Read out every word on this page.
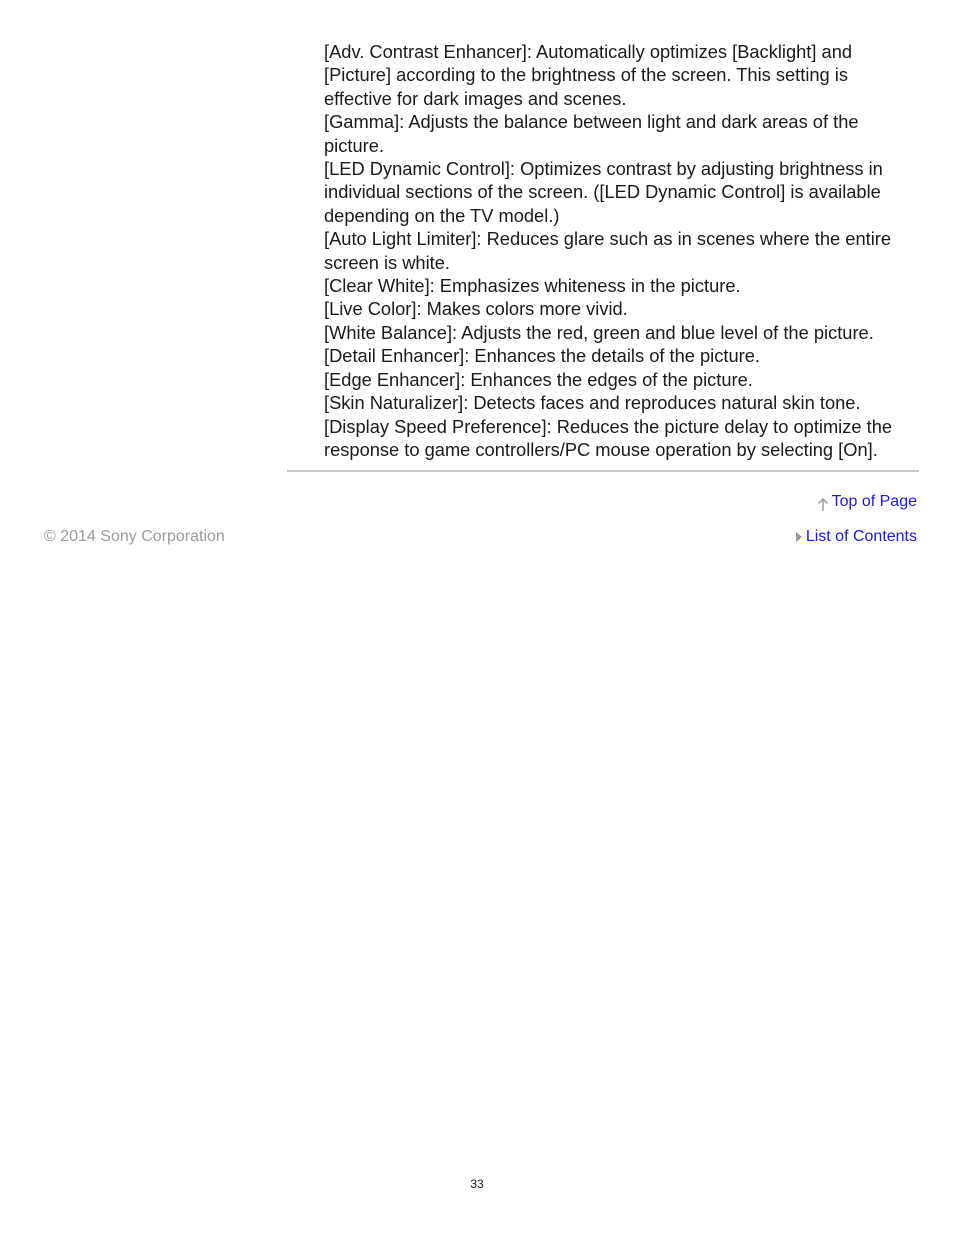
[Adv. Contrast Enhancer]: Automatically optimizes [Backlight] and

[Picture] according to the brightness of the screen. This setting is

effective for dark images and scenes.

[Gamma]: Adjusts the balance between light and dark areas of the

picture.

[LED Dynamic Control]: Optimizes contrast by adjusting brightness in

individual sections of the screen. ([LED Dynamic Control] is available

depending on the TV model.)

[Auto Light Limiter]: Reduces glare such as in scenes where the entire

screen is white.

[Clear White]: Emphasizes whiteness in the picture.

[Live Color]: Makes colors more vivid.

[White Balance]: Adjusts the red, green and blue level of the picture.

[Detail Enhancer]: Enhances the details of the picture.

[Edge Enhancer]: Enhances the edges of the picture.

[Skin Naturalizer]: Detects faces and reproduces natural skin tone.

[Display Speed Preference]: Reduces the picture delay to optimize the

response to game controllers/PC mouse operation by selecting [On].

Top of Page
© 2014 Sony Corporation	List of Contents
33
